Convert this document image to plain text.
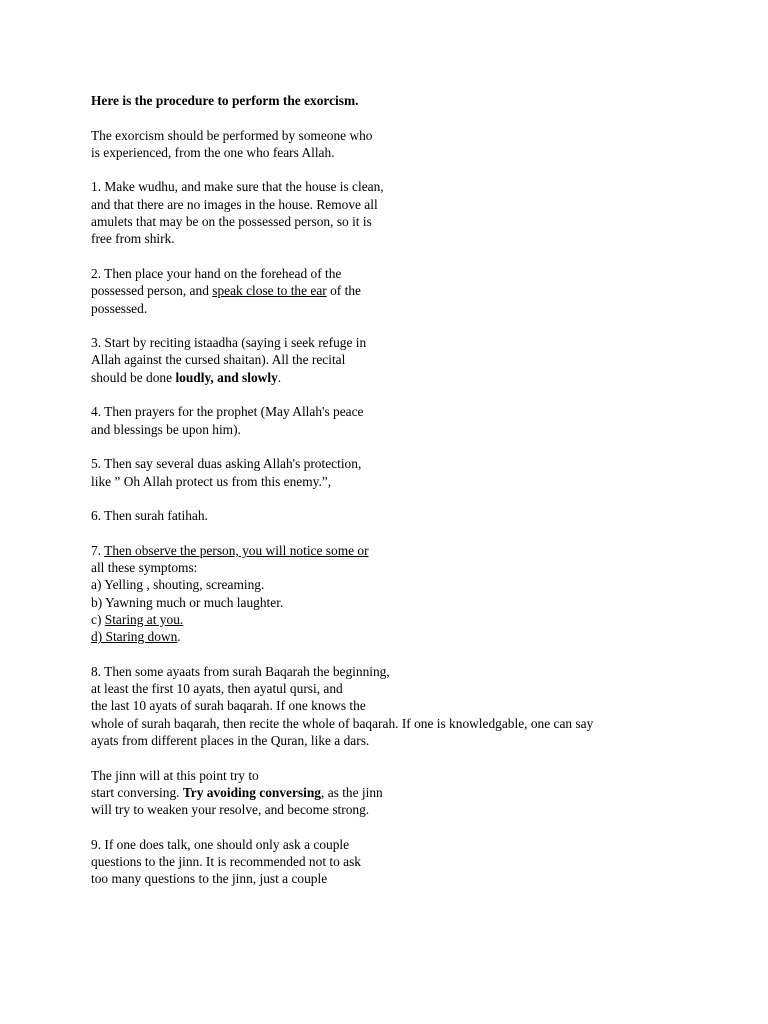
Here is the procedure to perform the exorcism.
The exorcism should be performed by someone who
is experienced, from the one who fears Allah.
1. Make wudhu, and make sure that the house is clean,
and that there are no images in the house. Remove all
amulets that may be on the possessed person, so it is
free from shirk.
2. Then place your hand on the forehead of the
possessed person, and speak close to the ear of the
possessed.
3. Start by reciting istaadha (saying i seek refuge in
Allah against the cursed shaitan). All the recital
should be done loudly, and slowly.
4. Then prayers for the prophet (May Allah's peace
and blessings be upon him).
5. Then say several duas asking Allah's protection,
like ” Oh Allah protect us from this enemy.”,
6. Then surah fatihah.
7. Then observe the person, you will notice some or
all these symptoms:
a) Yelling , shouting, screaming.
b) Yawning much or much laughter.
c) Staring at you.
d) Staring down.
8. Then some ayaats from surah Baqarah the beginning,
at least the first 10 ayats, then ayatul qursi, and
the last 10 ayats of surah baqarah. If one knows the
whole of surah baqarah, then recite the whole of baqarah. If one is knowledgable, one can say
ayats from different places in the Quran, like a dars.
The jinn will at this point try to
start conversing. Try avoiding conversing, as the jinn
will try to weaken your resolve, and become strong.
9. If one does talk, one should only ask a couple
questions to the jinn. It is recommended not to ask
too many questions to the jinn, just a couple
